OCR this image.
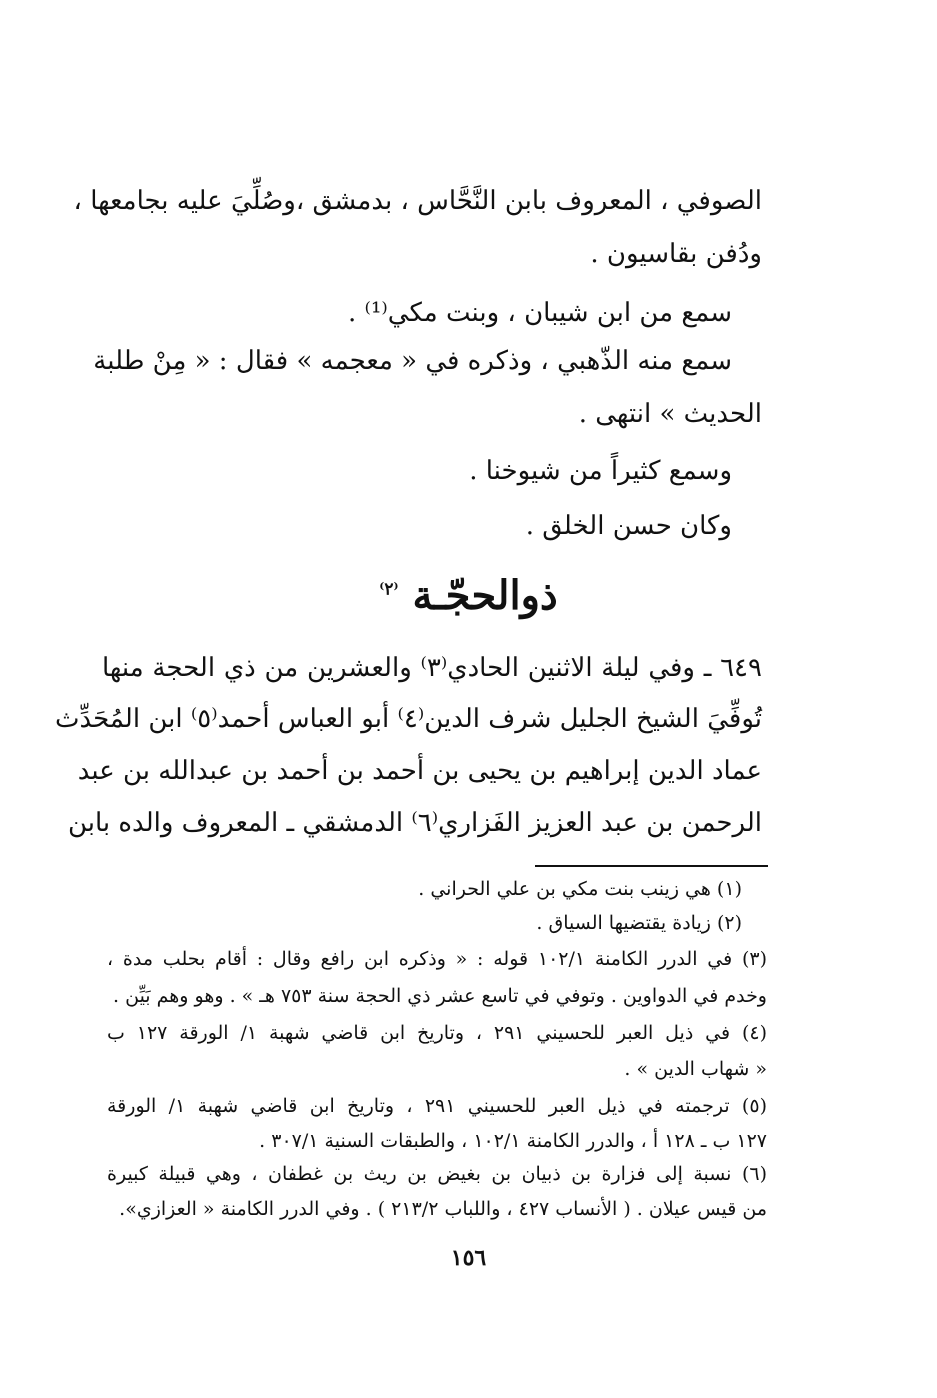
الصوفي ، المعروف بابن النَّحَّاس ، بدمشق ،وصُلِّيَ عليه بجامعها ،
ودُفن بقاسيون .
سمع من ابن شيبان ، وبنت مكي⁽¹⁾ .
سمع منه الذّهبي ، وذكره في « معجمه » فقال : « مِنْ طلبة
الحديث » انتهى .
وسمع كثيراً من شيوخنا .
وكان حسن الخلق .
ذوالحجّـة $^{^(٢^)}$
٦٤٩ ـ وفي ليلة الاثنين الحادي⁽٣⁾ والعشرين من ذي الحجة منها
تُوفِّيَ الشيخ الجليل شرف الدين⁽٤⁾ أبو العباس أحمد⁽٥⁾ ابن المُحَدِّث
عماد الدين إبراهيم بن يحيى بن أحمد بن أحمد بن عبدالله بن عبد
الرحمن بن عبد العزيز الفَزاري⁽٦⁾ الدمشقي ـ المعروف والده بابن
(١) هي زينب بنت مكي بن علي الحراني .
(٢) زيادة يقتضيها السياق .
(٣) في الدرر الكامنة ١٠٢/١ قوله : « وذكره ابن رافع وقال : أقام بحلب مدة ،
وخدم في الدواوين . وتوفي في تاسع عشر ذي الحجة سنة ٧٥٣ هـ » . وهو وهم بَيِّن .
(٤) في ذيل العبر للحسيني ٢٩١ ، وتاريخ ابن قاضي شهبة ١/ الورقة ١٢٧ ب
« شهاب الدين » .
(٥) ترجمته في ذيل العبر للحسيني ٢٩١ ، وتاريخ ابن قاضي شهبة ١/ الورقة
١٢٧ ب ـ ١٢٨ أ ، والدرر الكامنة ١٠٢/١ ، والطبقات السنية ٣٠٧/١ .
(٦) نسبة إلى فزارة بن ذبيان بن بغيض بن ريث بن غطفان ، وهي قبيلة كبيرة
من قيس عيلان . ( الأنساب ٤٢٧ ، واللباب ٢١٣/٢ ) . وفي الدرر الكامنة « العزازي».
١٥٦
